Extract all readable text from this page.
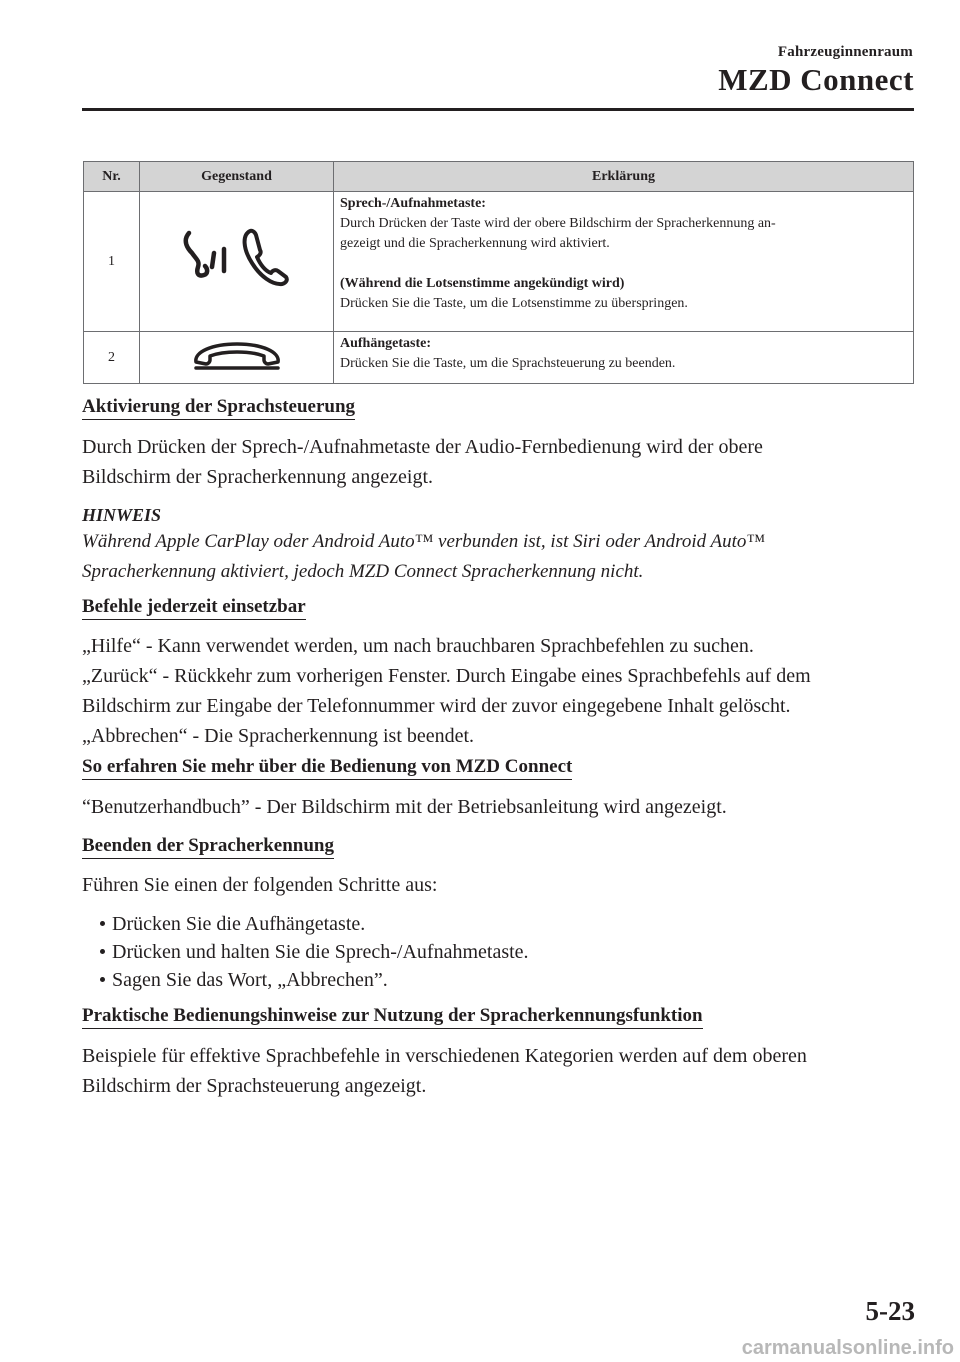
Fahrzeuginnenraum
MZD Connect
Nr.	Gegenstand	Erklärung
1		Sprech-/Aufnahmetaste:
Durch Drücken der Taste wird der obere Bildschirm der Spracherkennung an-
gezeigt und die Spracherkennung wird aktiviert.
(Während die Lotsenstimme angekündigt wird)
Drücken Sie die Taste, um die Lotsenstimme zu überspringen.

2		Aufhängetaste:
Drücken Sie die Taste, um die Sprachsteuerung zu beenden.
Aktivierung der Sprachsteuerung
Durch Drücken der Sprech-/Aufnahmetaste der Audio-Fernbedienung wird der obere
Bildschirm der Spracherkennung angezeigt.
HINWEIS
Während Apple CarPlay oder Android Auto™ verbunden ist, ist Siri oder Android Auto™
Spracherkennung aktiviert, jedoch MZD Connect Spracherkennung nicht.
Befehle jederzeit einsetzbar
„Hilfe“ - Kann verwendet werden, um nach brauchbaren Sprachbefehlen zu suchen.
„Zurück“ - Rückkehr zum vorherigen Fenster. Durch Eingabe eines Sprachbefehls auf dem
Bildschirm zur Eingabe der Telefonnummer wird der zuvor eingegebene Inhalt gelöscht.
„Abbrechen“ - Die Spracherkennung ist beendet.
So erfahren Sie mehr über die Bedienung von MZD Connect
“Benutzerhandbuch” - Der Bildschirm mit der Betriebsanleitung wird angezeigt.
Beenden der Spracherkennung
Führen Sie einen der folgenden Schritte aus:
Drücken Sie die Aufhängetaste.
Drücken und halten Sie die Sprech-/Aufnahmetaste.
Sagen Sie das Wort, „Abbrechen”.
Praktische Bedienungshinweise zur Nutzung der Spracherkennungsfunktion
Beispiele für effektive Sprachbefehle in verschiedenen Kategorien werden auf dem oberen
Bildschirm der Sprachsteuerung angezeigt.
5-23
carmanualsonline.info
